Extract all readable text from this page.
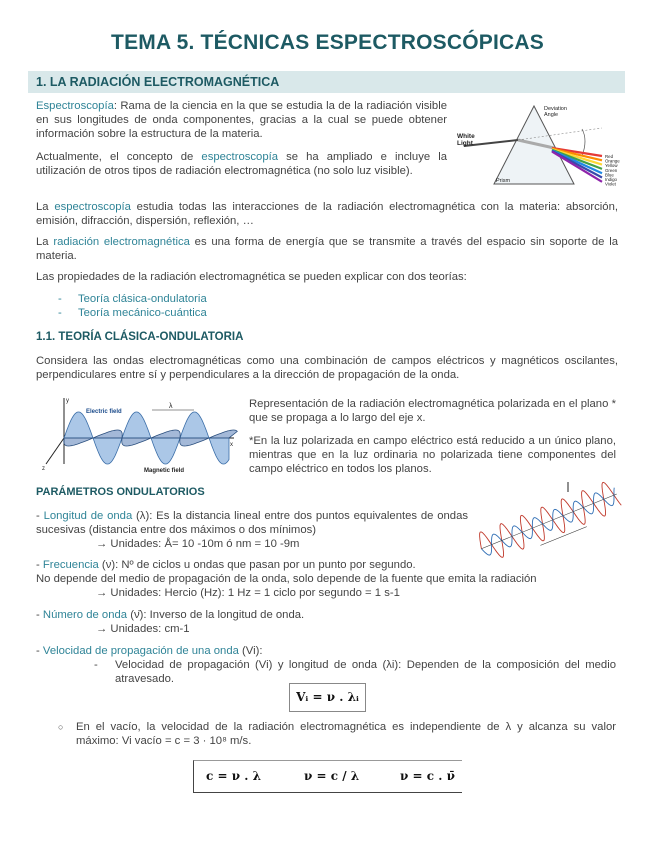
TEMA 5. TÉCNICAS ESPECTROSCÓPICAS
1. LA RADIACIÓN ELECTROMAGNÉTICA
Espectroscopía: Rama de la ciencia en la que se estudia la de la radiación visible en sus longitudes de onda componentes, gracias a la cual se puede obtener información sobre la estructura de la materia.
Actualmente, el concepto de espectroscopía se ha ampliado e incluye la utilización de otros tipos de radiación electromagnética (no solo luz visible).
White Light
Deviation Angle
Prism
Red
Orange
Yellow
Green
Blue
Indigo
Violet
La espectroscopía estudia todas las interacciones de la radiación electromagnética con la materia: absorción, emisión, difracción, dispersión, reflexión, …
La radiación electromagnética es una forma de energía que se transmite a través del espacio sin soporte de la materia.
Las propiedades de la radiación electromagnética se pueden explicar con dos teorías:
- Teoría clásica-ondulatoria
- Teoría mecánico-cuántica
1.1. TEORÍA CLÁSICA-ONDULATORIA
Considera las ondas electromagnéticas como una combinación de campos eléctricos y magnéticos oscilantes, perpendiculares entre sí y perpendiculares a la dirección de propagación de la onda.
y
x
z
Electric field
λ
Magnetic field
Representación de la radiación electromagnética polarizada en el plano * que se propaga a lo largo del eje x.
*En la luz polarizada en campo eléctrico está reducido a un único plano, mientras que en la luz ordinaria no polarizada tiene componentes del campo eléctrico en todos los planos.
PARÁMETROS ONDULATORIOS
- Longitud de onda (λ): Es la distancia lineal entre dos puntos equivalentes de ondas sucesivas (distancia entre dos máximos o dos mínimos)
→ Unidades: Å= 10 -10m ó nm = 10 -9m
- Frecuencia (ν): Nº de ciclos u ondas que pasan por un punto por segundo.
No depende del medio de propagación de la onda, solo depende de la fuente que emita la radiación
→ Unidades: Hercio (Hz): 1 Hz = 1 ciclo por segundo = 1 s-1
- Número de onda (ν̄): Inverso de la longitud de onda.
→ Unidades: cm-1
- Velocidad de propagación de una onda (Vi):
-	Velocidad de propagación (Vi) y longitud de onda (λi): Dependen de la composición del medio atravesado.
Vᵢ = ν . λᵢ
○	En el vacío, la velocidad de la radiación electromagnética es independiente de λ y alcanza su valor máximo: Vi vacío = c = 3 · 10⁸ m/s.
c = ν . λ	ν = c / λ	ν = c . ν̄
